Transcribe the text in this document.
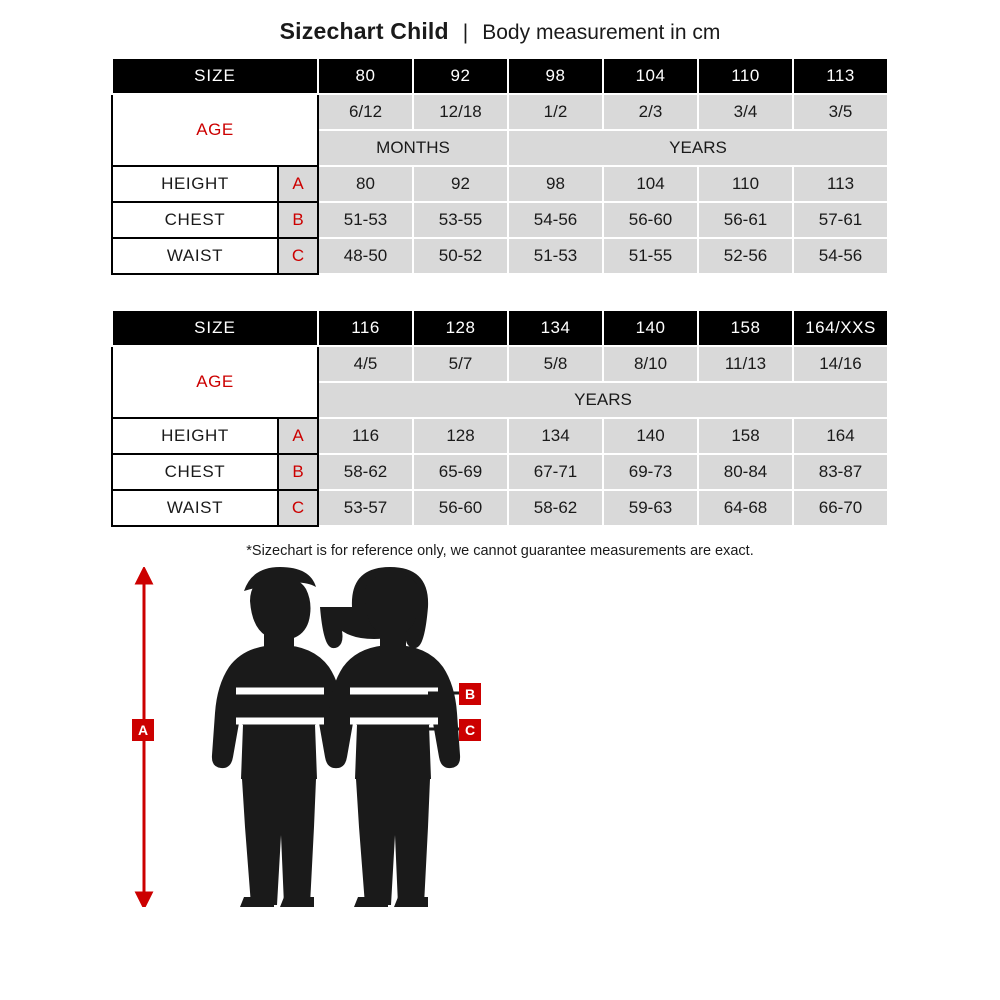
Sizechart Child | Body measurement in cm
SIZE		80	92	98	104	110	113
AGE		6/12	12/18	1/2	2/3	3/4	3/5
		MONTHS		YEARS			
HEIGHT	A	80	92	98	104	110	113
CHEST	B	51-53	53-55	54-56	56-60	56-61	57-61
WAIST	C	48-50	50-52	51-53	51-55	52-56	54-56
SIZE		116	128	134	140	158	164/XXS
AGE		4/5	5/7	5/8	8/10	11/13	14/16
		YEARS					
HEIGHT	A	116	128	134	140	158	164
CHEST	B	58-62	65-69	67-71	69-73	80-84	83-87
WAIST	C	53-57	56-60	58-62	59-63	64-68	66-70
*Sizechart is for reference only, we cannot guarantee measurements are exact.
A
B
C
